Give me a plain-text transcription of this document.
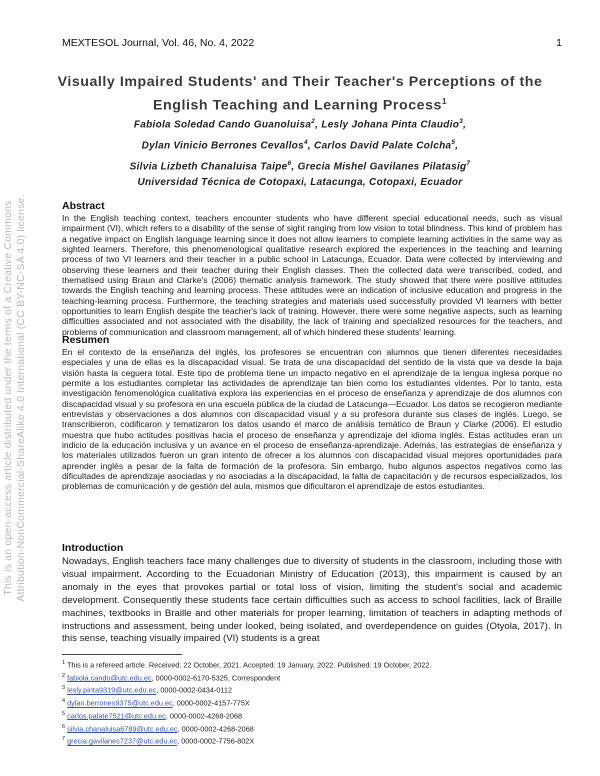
MEXTESOL Journal, Vol. 46, No. 4, 2022	1
This is an open-access article distributed under the terms of a Creative Commons Attribution-NonCommercial-ShareAlike 4.0 International (CC BY-NC-SA 4.0) license.
Visually Impaired Students' and Their Teacher's Perceptions of the
English Teaching and Learning Process$^1$
Fabiola Soledad Cando Guanoluisa$^2$, Lesly Johana Pinta Claudio$^3$,
Dylan Vinicio Berrones Cevallos$^4$, Carlos David Palate Colcha$^5$,
Silvia Lizbeth Chanaluisa Taipe$^6$, Grecia Mishel Gavilanes Pilatasig$^7$
Universidad Técnica de Cotopaxi, Latacunga, Cotopaxi, Ecuador
Abstract

In the English teaching context, teachers encounter students who have different special educational needs, such as visual impairment (VI), which refers to a disability of the sense of sight ranging from low vision to total blindness. This kind of problem has a negative impact on English language learning since it does not allow learners to complete learning activities in the same way as sighted learners. Therefore, this phenomenological qualitative research explored the experiences in the teaching and learning process of two VI learners and their teacher in a public school in Latacunga, Ecuador. Data were collected by interviewing and observing these learners and their teacher during their English classes. Then the collected data were transcribed, coded, and thematised using Braun and Clarke's (2006) thematic analysis framework. The study showed that there were positive attitudes towards the English teaching and learning process. These attitudes were an indication of inclusive education and progress in the teaching-learning process. Furthermore, the teaching strategies and materials used successfully provided VI learners with better opportunities to learn English despite the teacher's lack of training. However, there were some negative aspects, such as learning difficulties associated and not associated with the disability, the lack of training and specialized resources for the teachers, and problems of communication and classroom management, all of which hindered these students' learning.

Resumen

En el contexto de la enseñanza del inglés, los profesores se encuentran con alumnos que tienen diferentes necesidades especiales y una de ellas es la discapacidad visual. Se trata de una discapacidad del sentido de la vista que va desde la baja visión hasta la ceguera total. Este tipo de problema tiene un impacto negativo en el aprendizaje de la lengua inglesa porque no permite a los estudiantes completar las actividades de aprendizaje tan bien como los estudiantes videntes. Por lo tanto, esta investigación fenomenológica cualitativa explora las experiencias en el proceso de enseñanza y aprendizaje de dos alumnos con discapacidad visual y su profesora en una escuela pública de la ciudad de Latacunga—Ecuador. Los datos se recogieron mediante entrevistas y observaciones a dos alumnos con discapacidad visual y a su profesora durante sus clases de inglés. Luego, se transcribieron, codificaron y tematizaron los datos usando el marco de análisis temático de Braun y Clarke (2006). El estudio muestra que hubo actitudes positivas hacia el proceso de enseñanza y aprendizaje del idioma inglés. Estas actitudes eran un indicio de la educación inclusiva y un avance en el proceso de enseñanza-aprendizaje. Además, las estrategias de enseñanza y los materiales utilizados fueron un gran intento de ofrecer a los alumnos con discapacidad visual mejores oportunidades para aprender inglés a pesar de la falta de formación de la profesora. Sin embargo, hubo algunos aspectos negativos como las dificultades de aprendizaje asociadas y no asociadas a la discapacidad, la falta de capacitación y de recursos especializados, los problemas de comunicación y de gestión del aula, mismos que dificultaron el aprendizaje de estos estudiantes.

Introduction

Nowadays, English teachers face many challenges due to diversity of students in the classroom, including those with visual impairment. According to the Ecuadorian Ministry of Education (2013), this impairment is caused by an anomaly in the eyes that provokes partial or total loss of vision, limiting the student's social and academic development. Consequently these students face certain difficulties such as access to school facilities, lack of Braille machines, textbooks in Braille and other materials for proper learning, limitation of teachers in adapting methods of instructions and assessment, being under looked, being isolated, and overdependence on guides (Otyola, 2017). In this sense, teaching visually impaired (VI) students is a great

$^1$ This is a refereed article. Received: 22 October, 2021. Accepted: 19 January, 2022. Published: 19 October, 2022.
$^2$ fabiola.cando@utc.edu.ec, 0000-0002-6170-5325, Correspondent
$^3$ lesly.pinta9319@utc.edu.ec, 0000-0002-0434-0112
$^4$ dylan.berrones9375@utc.edu.ec, 0000-0002-4157-775X
$^5$ carlos.palate7521@utc.edu.ec, 0000-0002-4268-2068
$^6$ silvia.chanaluisa6789@utc.edu.ec, 0000-0002-4268-2068
$^7$ grecia.gavilanes7237@utc.edu.ec, 0000-0002-7756-802X
